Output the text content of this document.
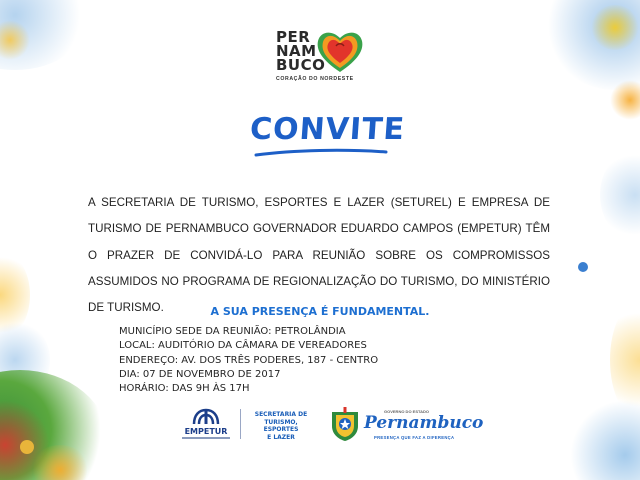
PER
NAM
BUCO
CORAÇÃO DO NORDESTE
CONVITE

A SECRETARIA DE TURISMO, ESPORTES E LAZER (SETUREL) E EMPRESA DE TURISMO DE PERNAMBUCO GOVERNADOR EDUARDO CAMPOS (EMPETUR) TÊM O PRAZER DE CONVIDÁ-LO PARA REUNIÃO SOBRE OS COMPROMISSOS ASSUMIDOS NO PROGRAMA DE REGIONALIZAÇÃO DO TURISMO, DO MINISTÉRIO DE TURISMO.	A SUA PRESENÇA É FUNDAMENTAL.

MUNICÍPIO SEDE DA REUNIÃO: PETROLÂNDIA
LOCAL: AUDITÓRIO DA CÂMARA DE VEREADORES
ENDEREÇO: AV. DOS TRÊS PODERES, 187 - CENTRO
DIA: 07 DE NOVEMBRO DE 2017
HORÁRIO: DAS 9H ÀS 17H
EMPETUR
SECRETARIA DE
TURISMO, ESPORTES
E LAZER
GOVERNO DO ESTADO
Pernambuco
PRESENÇA QUE FAZ A DIFERENÇA
